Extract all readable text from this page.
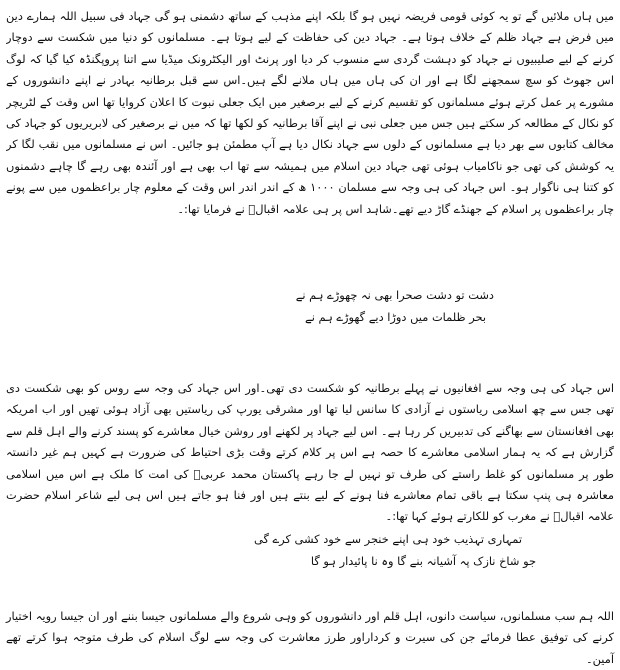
میں ہاں ملائیں گے تو یہ کوئی قومی فریضہ نہیں ہو گا بلکہ اپنے مذہب کے ساتھ دشمنی ہو گی جہاد فی سبیل اللہ ہمارے دین میں فرض ہے جہاد ظلم کے خلاف ہوتا ہے۔ جہاد دین کی حفاظت کے لیے ہوتا ہے۔ مسلمانوں کو دنیا میں شکست سے دوچار کرنے کے لیے صلیبیوں نے جہاد کو دہشت گردی سے منسوب کر دیا اور پرنٹ اور الیکٹرونک میڈیا سے اتنا پروپگنڈہ کیا گیا کہ لوگ اس جھوٹ کو سچ سمجھنے لگا ہے اور ان کی ہاں میں ہاں ملانے لگے ہیں۔اس سے قبل برطانیہ بہادر نے اپنے دانشوروں کے مشورے پر عمل کرتے ہوئے مسلمانوں کو تقسیم کرنے کے لیے برصغیر میں ایک جعلی نبوت کا اعلان کروایا تھا اس وقت کے لٹریچر کو نکال کے مطالعہ کر سکتے ہیں جس میں جعلی نبی نے اپنے آقا برطانیہ کو لکھا تھا کہ میں نے برصغیر کی لابریریوں کو جہاد کی مخالف کتابوں سے بھر دیا ہے مسلمانوں کے دلوں سے جہاد نکال دیا ہے آپ مطمئن ہو جائیں۔ اس نے مسلمانوں میں نقب لگا کر یہ کوشش کی تھی جو ناکامیاب ہوئی تھی جہاد دین اسلام میں ہمیشہ سے تھا اب بھی ہے اور آئندہ بھی رہے گا چاہے دشمنوں کو کتنا ہی ناگوار ہو۔ اس جہاد کی ہی وجہ سے مسلمان ۱۰۰۰ ھ کے اندر اندر اس وقت کے معلوم چار براعظموں میں سے پونے چار براعظموں پر اسلام کے جھنڈے گاڑ دیے تھے۔شاہد اس پر ہی علامہ اقبالؒ نے فرمایا تھا:۔

دشت تو دشت صحرا بھی نہ چھوڑے ہم نے

بحر ظلمات میں دوڑا دیے گھوڑے ہم نے

اس جہاد کی ہی وجہ سے افغانیوں نے پہلے برطانیہ کو شکست دی تھی۔اور اس جہاد کی وجہ سے روس کو بھی شکست دی تھی جس سے چھ اسلامی ریاستوں نے آزادی کا سانس لیا تھا اور مشرقی یورپ کی ریاستیں بھی آزاد ہوئی تھیں اور اب امریکہ بھی افغانستان سے بھاگنے کی تدبیریں کر رہا ہے۔ اس لیے جہاد پر لکھنے اور روشن خیال معاشرے کو پسند کرنے والے اہل قلم سے گزارش ہے کہ یہ ہمار اسلامی معاشرے کا حصہ ہے اس پر کلام کرتے وقت بڑی احتیاط کی ضرورت ہے کہیں ہم غیر دانستہ طور پر مسلمانوں کو غلط راستے کی طرف تو نہیں لے جا رہے پاکستان محمد عربیؐ کی امت کا ملک ہے اس میں اسلامی معاشرہ ہی پنپ سکتا ہے باقی تمام معاشرے فنا ہونے کے لیے بنتے ہیں اور فنا ہو جاتے ہیں اس ہی لیے شاعر اسلام حضرت علامہ اقبالؒ نے مغرب کو للکارتے ہوئے کہا تھا:۔

تمہاری تہذیب خود ہی اپنے خنجر سے خود کشی کرے گی

جو شاخ نازک پہ آشیانہ بنے گا وہ نا پائیدار ہو گا

اللہ ہم سب مسلمانوں، سیاست دانوں، اہل قلم اور دانشوروں کو وہی شروع والے مسلمانوں جیسا بننے اور ان جیسا رویہ اختیار کرنے کی توفیق عطا فرمائے جن کی سیرت و کرداراور طرز معاشرت کی وجہ سے لوگ اسلام کی طرف متوجہ ہوا کرتے تھے آمین۔
